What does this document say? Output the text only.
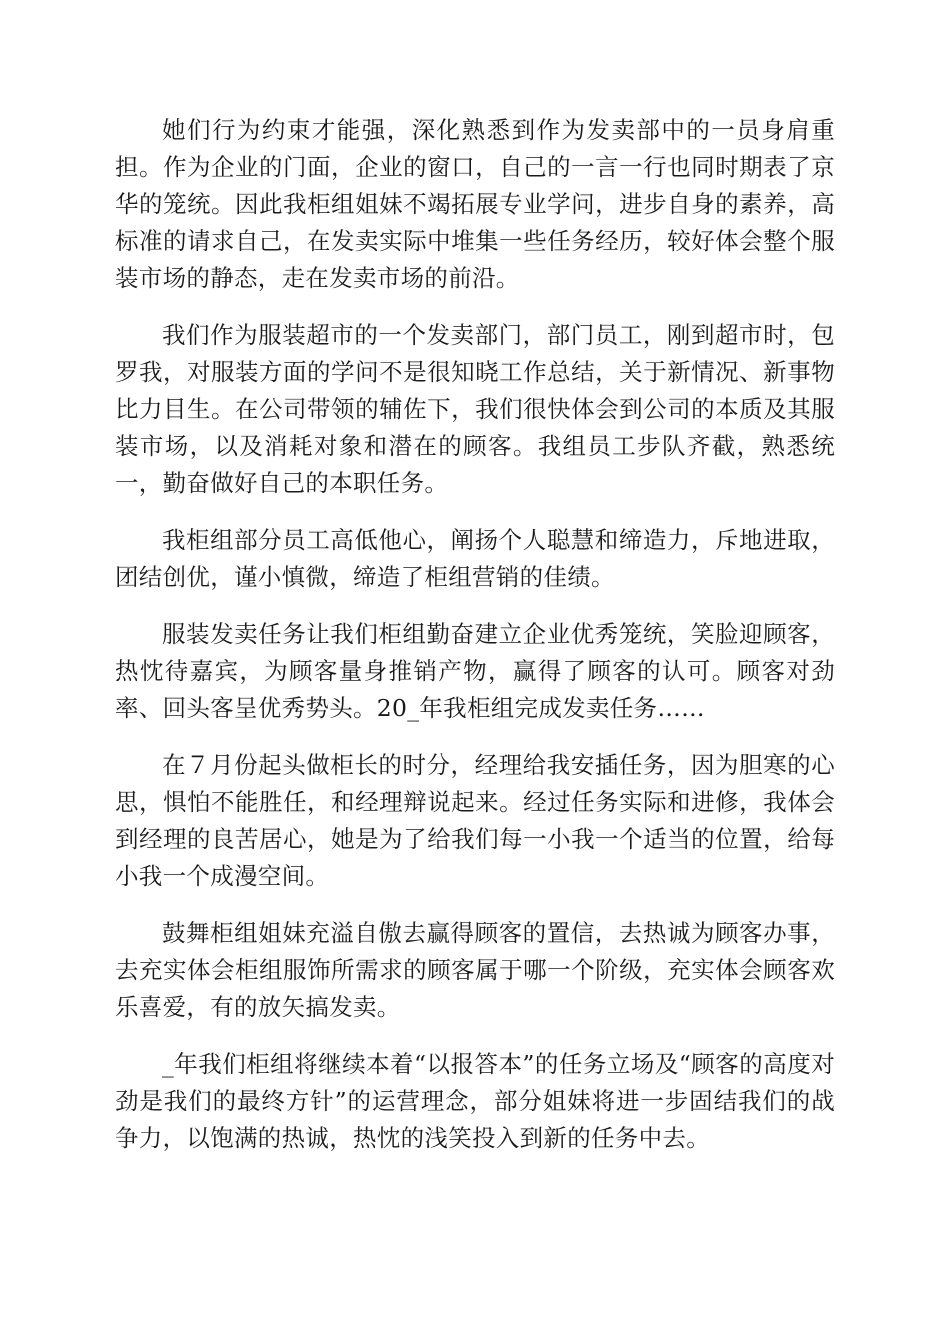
她们行为约束才能强，深化熟悉到作为发卖部中的一员身肩重担。作为企业的门面，企业的窗口，自己的一言一行也同时期表了京华的笼统。因此我柜组姐妹不竭拓展专业学问，进步自身的素养，高标准的请求自己，在发卖实际中堆集一些任务经历，较好体会整个服装市场的静态，走在发卖市场的前沿。

我们作为服装超市的一个发卖部门，部门员工，刚到超市时，包罗我，对服装方面的学问不是很知晓工作总结，关于新情况、新事物比力目生。在公司带领的辅佐下，我们很快体会到公司的本质及其服装市场，以及消耗对象和潜在的顾客。我组员工步队齐截，熟悉统一，勤奋做好自己的本职任务。

我柜组部分员工高低他心，阐扬个人聪慧和缔造力，斥地进取，团结创优，谨小慎微，缔造了柜组营销的佳绩。

服装发卖任务让我们柜组勤奋建立企业优秀笼统，笑脸迎顾客，热忱待嘉宾，为顾客量身推销产物，赢得了顾客的认可。顾客对劲率、回头客呈优秀势头。20_年我柜组完成发卖任务……

在７月份起头做柜长的时分，经理给我安插任务，因为胆寒的心思，惧怕不能胜任，和经理辩说起来。经过任务实际和进修，我体会到经理的良苦居心，她是为了给我们每一小我一个适当的位置，给每小我一个成漫空间。

鼓舞柜组姐妹充溢自傲去赢得顾客的置信，去热诚为顾客办事，去充实体会柜组服饰所需求的顾客属于哪一个阶级，充实体会顾客欢乐喜爱，有的放矢搞发卖。

_年我们柜组将继续本着“以报答本”的任务立场及“顾客的高度对劲是我们的最终方针”的运营理念，部分姐妹将进一步固结我们的战争力，以饱满的热诚，热忱的浅笑投入到新的任务中去。
